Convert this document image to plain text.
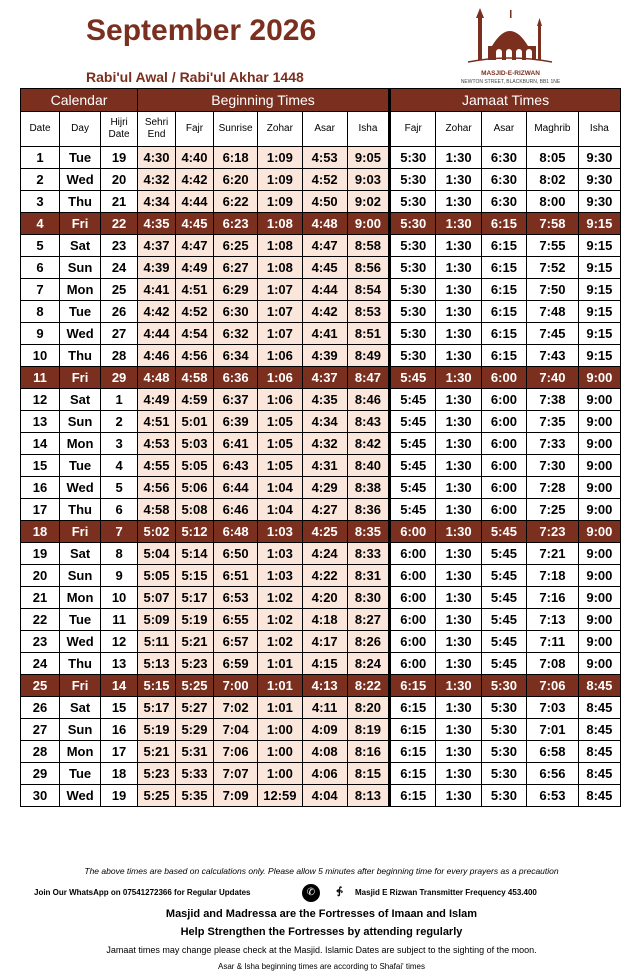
September 2026
Rabi'ul Awal / Rabi'ul Akhar 1448	MASJID-E-RIZWAN
NEWTON STREET, BLACKBURN, BB1 1NE
Calendar			Beginning Times						Jamaat Times				
Date	Day	Hijri Date	Sehri End	Fajr	Sunrise	Zohar	Asar	Isha	Fajr	Zohar	Asar	Maghrib	Isha
1	Tue	19	4:30	4:40	6:18	1:09	4:53	9:05	5:30	1:30	6:30	8:05	9:30
2	Wed	20	4:32	4:42	6:20	1:09	4:52	9:03	5:30	1:30	6:30	8:02	9:30
3	Thu	21	4:34	4:44	6:22	1:09	4:50	9:02	5:30	1:30	6:30	8:00	9:30
4	Fri	22	4:35	4:45	6:23	1:08	4:48	9:00	5:30	1:30	6:15	7:58	9:15
5	Sat	23	4:37	4:47	6:25	1:08	4:47	8:58	5:30	1:30	6:15	7:55	9:15
6	Sun	24	4:39	4:49	6:27	1:08	4:45	8:56	5:30	1:30	6:15	7:52	9:15
7	Mon	25	4:41	4:51	6:29	1:07	4:44	8:54	5:30	1:30	6:15	7:50	9:15
8	Tue	26	4:42	4:52	6:30	1:07	4:42	8:53	5:30	1:30	6:15	7:48	9:15
9	Wed	27	4:44	4:54	6:32	1:07	4:41	8:51	5:30	1:30	6:15	7:45	9:15
10	Thu	28	4:46	4:56	6:34	1:06	4:39	8:49	5:30	1:30	6:15	7:43	9:15
11	Fri	29	4:48	4:58	6:36	1:06	4:37	8:47	5:45	1:30	6:00	7:40	9:00
12	Sat	1	4:49	4:59	6:37	1:06	4:35	8:46	5:45	1:30	6:00	7:38	9:00
13	Sun	2	4:51	5:01	6:39	1:05	4:34	8:43	5:45	1:30	6:00	7:35	9:00
14	Mon	3	4:53	5:03	6:41	1:05	4:32	8:42	5:45	1:30	6:00	7:33	9:00
15	Tue	4	4:55	5:05	6:43	1:05	4:31	8:40	5:45	1:30	6:00	7:30	9:00
16	Wed	5	4:56	5:06	6:44	1:04	4:29	8:38	5:45	1:30	6:00	7:28	9:00
17	Thu	6	4:58	5:08	6:46	1:04	4:27	8:36	5:45	1:30	6:00	7:25	9:00
18	Fri	7	5:02	5:12	6:48	1:03	4:25	8:35	6:00	1:30	5:45	7:23	9:00
19	Sat	8	5:04	5:14	6:50	1:03	4:24	8:33	6:00	1:30	5:45	7:21	9:00
20	Sun	9	5:05	5:15	6:51	1:03	4:22	8:31	6:00	1:30	5:45	7:18	9:00
21	Mon	10	5:07	5:17	6:53	1:02	4:20	8:30	6:00	1:30	5:45	7:16	9:00
22	Tue	11	5:09	5:19	6:55	1:02	4:18	8:27	6:00	1:30	5:45	7:13	9:00
23	Wed	12	5:11	5:21	6:57	1:02	4:17	8:26	6:00	1:30	5:45	7:11	9:00
24	Thu	13	5:13	5:23	6:59	1:01	4:15	8:24	6:00	1:30	5:45	7:08	9:00
25	Fri	14	5:15	5:25	7:00	1:01	4:13	8:22	6:15	1:30	5:30	7:06	8:45
26	Sat	15	5:17	5:27	7:02	1:01	4:11	8:20	6:15	1:30	5:30	7:03	8:45
27	Sun	16	5:19	5:29	7:04	1:00	4:09	8:19	6:15	1:30	5:30	7:01	8:45
28	Mon	17	5:21	5:31	7:06	1:00	4:08	8:16	6:15	1:30	5:30	6:58	8:45
29	Tue	18	5:23	5:33	7:07	1:00	4:06	8:15	6:15	1:30	5:30	6:56	8:45
30	Wed	19	5:25	5:35	7:09	12:59	4:04	8:13	6:15	1:30	5:30	6:53	8:45
The above times are based on calculations only. Please allow 5 minutes after beginning time for every prayers as a precaution
Join Our WhatsApp on 07541272366 for Regular Updates	✆	⨗ Masjid E Rizwan Transmitter Frequency 453.400
Masjid and Madressa are the Fortresses of Imaan and Islam
Help Strengthen the Fortresses by attending regularly
Jamaat times may change please check at the Masjid. Islamic Dates are subject to the sighting of the moon.
Asar & Isha beginning times are according to Shafai' times
